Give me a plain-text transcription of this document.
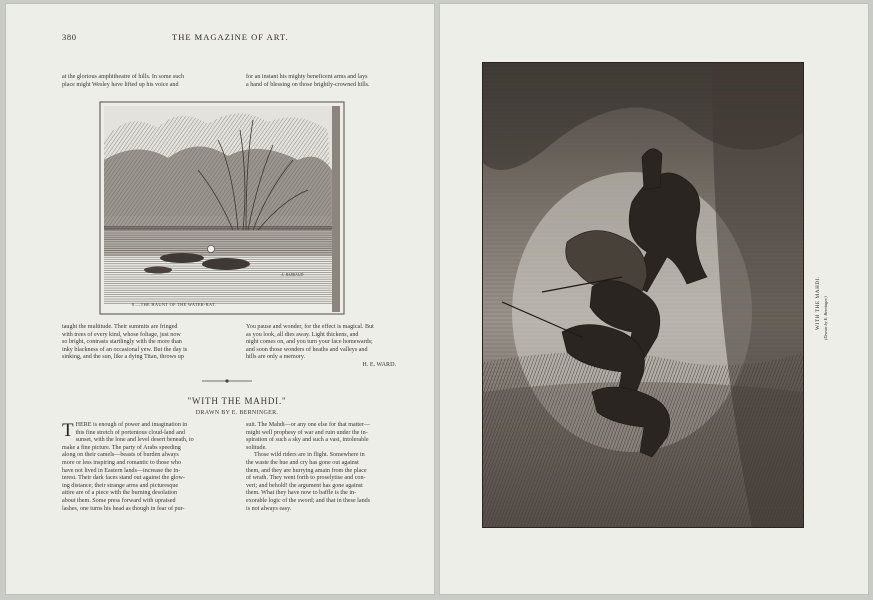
380	THE MAGAZINE OF ART.

at the glorious amphitheatre of hills. In some such

place might Wesley have lifted up his voice and

for an instant his mighty beneficent arms and lays

a hand of blessing on those brightly-crowned hills.

8.—THE HAUNT OF THE WATER-RAT.
A. BARRAUD

taught the multitude. Their summits are fringed

with trees of every kind, whose foliage, just now

so bright, contrasts startlingly with the more than

inky blackness of an occasional yew. But the day is

sinking, and the sun, like a dying Titan, throws up

You pause and wonder, for the effect is magical. But

as you look, all dies away. Light thickens, and

night comes on, and you turn your face homewards;

and soon those wonders of heaths and valleys and

hills are only a memory.

H. E. WARD.

"WITH THE MAHDI."
DRAWN BY E. BERNINGER.
T HERE is enough of power and imagination in

this fine stretch of portentous cloud-land and

sunset, with the lone and level desert beneath, to

make a fine picture. The party of Arabs speeding

along on their camels—beasts of burden always

more or less inspiring and romantic to those who

have not lived in Eastern lands—increase the in-

terest. Their dark faces stand out against the glow-

ing distance; their strange arms and picturesque

attire are of a piece with the burning desolation

about them. Some press forward with upraised

lashes, one turns his head as though in fear of pur-

suit. The Mahdi—or any one else for that matter—

might well prophesy of war and ruin under the in-

spiration of such a sky and such a vast, intolerable

solitude.

Those wild riders are in flight. Somewhere in

the waste the hue and cry has gone out against

them, and they are hurrying amain from the place

of wrath. They went forth to proselytise and con-

vert; and behold! the argument has gone against

them. What they have now to baffle is the in-

exorable logic of the sword; and that in these lands

is not always easy.

WITH THE MAHDI. (Drawn by E. Berninger.)
